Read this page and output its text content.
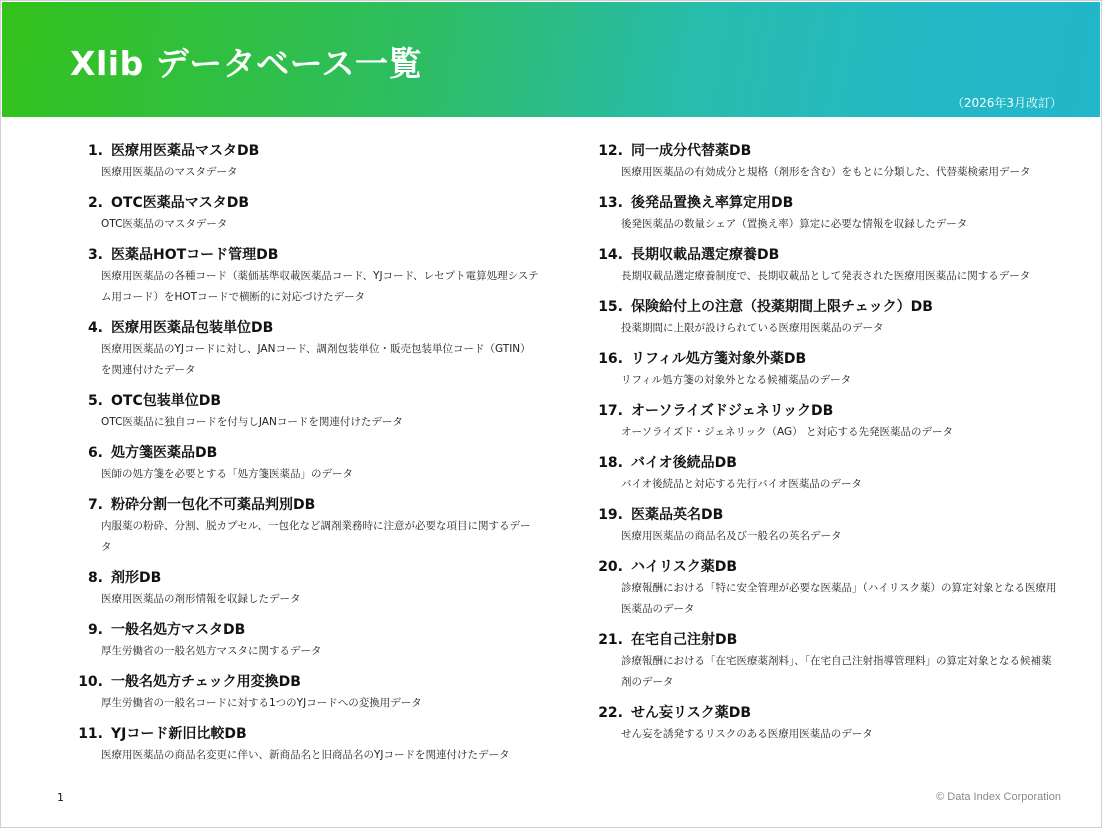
Xlib データベース一覧
（2026年3月改訂）
1. 医療用医薬品マスタDB
医療用医薬品のマスタデータ
2. OTC医薬品マスタDB
OTC医薬品のマスタデータ
3. 医薬品HOTコード管理DB
医療用医薬品の各種コード（薬価基準収載医薬品コード、YJコード、レセプト電算処理システム用コード）をHOTコードで横断的に対応づけたデータ
4. 医療用医薬品包装単位DB
医療用医薬品のYJコードに対し、JANコード、調剤包装単位・販売包装単位コード（GTIN）を関連付けたデータ
5. OTC包装単位DB
OTC医薬品に独自コードを付与しJANコードを関連付けたデータ
6. 処方箋医薬品DB
医師の処方箋を必要とする「処方箋医薬品」のデータ
7. 粉砕分割一包化不可薬品判別DB
内服薬の粉砕、分割、脱カプセル、一包化など調剤業務時に注意が必要な項目に関するデータ
8. 剤形DB
医療用医薬品の剤形情報を収録したデータ
9. 一般名処方マスタDB
厚生労働省の一般名処方マスタに関するデータ
10. 一般名処方チェック用変換DB
厚生労働省の一般名コードに対する1つのYJコードへの変換用データ
11. YJコード新旧比較DB
医療用医薬品の商品名変更に伴い、新商品名と旧商品名のYJコードを関連付けたデータ
12. 同一成分代替薬DB
医療用医薬品の有効成分と規格（剤形を含む）をもとに分類した、代替薬検索用データ
13. 後発品置換え率算定用DB
後発医薬品の数量シェア（置換え率）算定に必要な情報を収録したデータ
14. 長期収載品選定療養DB
長期収載品選定療養制度で、長期収載品として発表された医療用医薬品に関するデータ
15. 保険給付上の注意（投薬期間上限チェック）DB
投薬期間に上限が設けられている医療用医薬品のデータ
16. リフィル処方箋対象外薬DB
リフィル処方箋の対象外となる候補薬品のデータ
17. オーソライズドジェネリックDB
オーソライズド・ジェネリック（AG） と対応する先発医薬品のデータ
18. バイオ後続品DB
バイオ後続品と対応する先行バイオ医薬品のデータ
19. 医薬品英名DB
医療用医薬品の商品名及び一般名の英名データ
20. ハイリスク薬DB
診療報酬における「特に安全管理が必要な医薬品」（ハイリスク薬）の算定対象となる医療用医薬品のデータ
21. 在宅自己注射DB
診療報酬における「在宅医療薬剤料」、「在宅自己注射指導管理料」の算定対象となる候補薬剤のデータ
22. せん妄リスク薬DB
せん妄を誘発するリスクのある医療用医薬品のデータ
1	© Data Index Corporation
